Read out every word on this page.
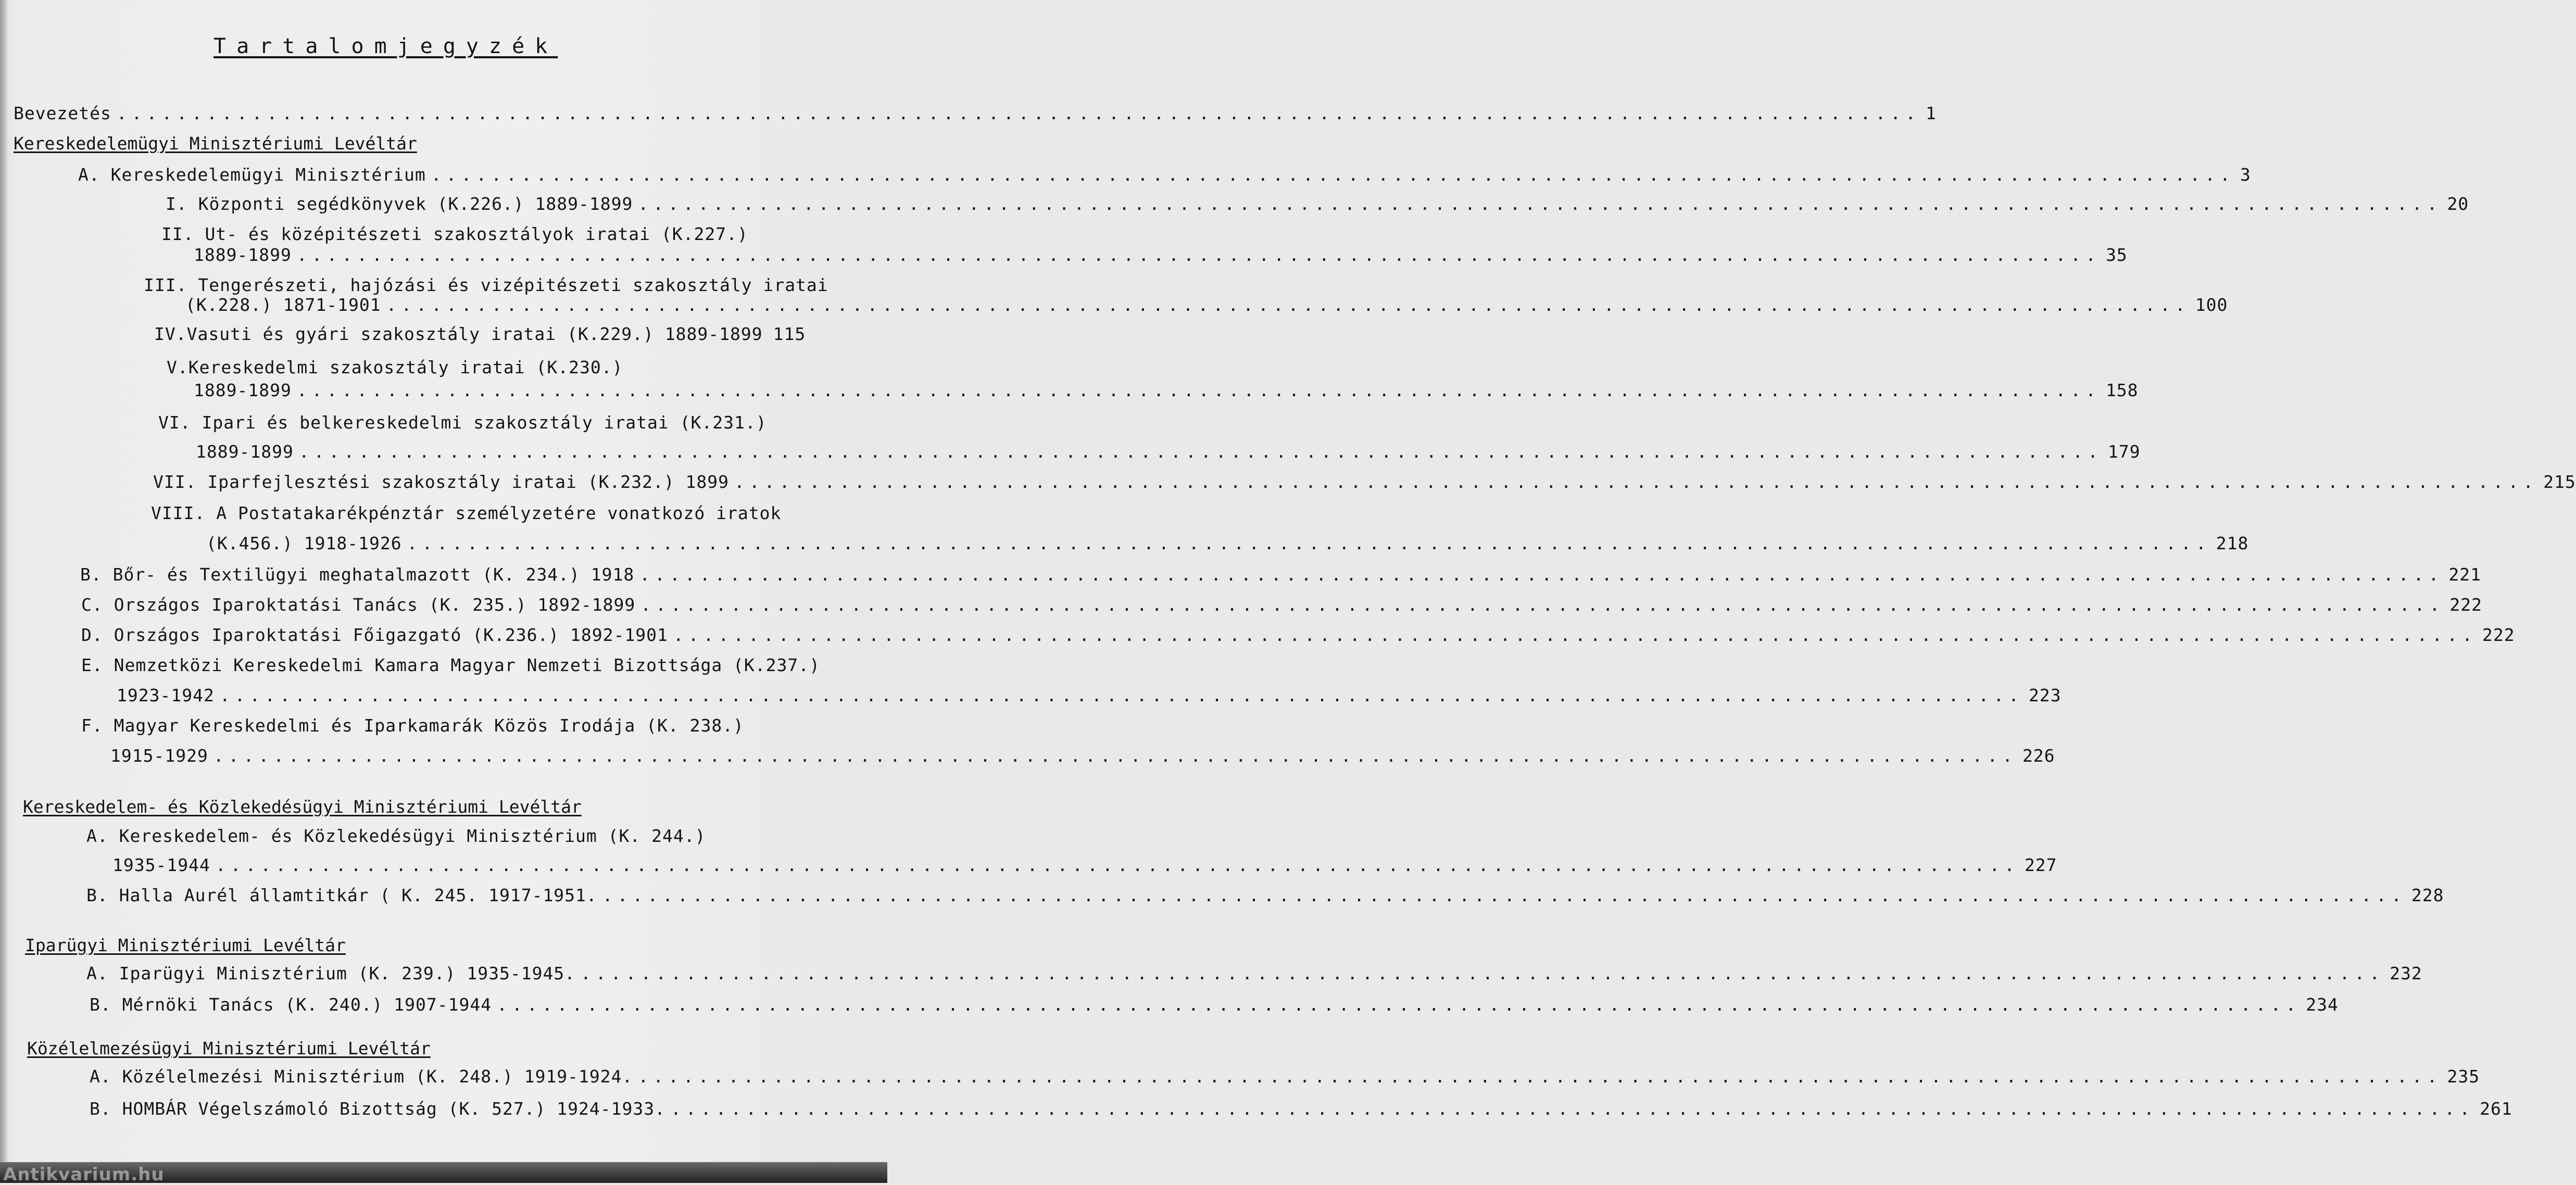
Tartalomjegyzék
Bevezetés ........................................................................................................................ 1
Kereskedelemügyi Minisztériumi Levéltár
A. Kereskedelemügyi Minisztérium ........................................................................................................................ 3
I. Központi segédkönyvek (K.226.) 1889-1899 ........................................................................................................................ 20
II. Ut- és középitészeti szakosztályok iratai (K.227.)
1889-1899 ........................................................................................................................ 35
III. Tengerészeti, hajózási és vizépitészeti szakosztály iratai
(K.228.) 1871-1901 ........................................................................................................................ 100
IV.Vasuti és gyári szakosztály iratai (K.229.) 1889-1899 115
V.Kereskedelmi szakosztály iratai (K.230.)
1889-1899 ........................................................................................................................ 158
VI. Ipari és belkereskedelmi szakosztály iratai (K.231.)
1889-1899 ........................................................................................................................ 179
VII. Iparfejlesztési szakosztály iratai (K.232.) 1899 ........................................................................................................................ 215
VIII. A Postatakarékpénztár személyzetére vonatkozó iratok
(K.456.) 1918-1926 ........................................................................................................................ 218
B. Bőr- és Textilügyi meghatalmazott (K. 234.) 1918 ........................................................................................................................ 221
C. Országos Iparoktatási Tanács (K. 235.) 1892-1899 ........................................................................................................................ 222
D. Országos Iparoktatási Főigazgató (K.236.) 1892-1901 ........................................................................................................................ 222
E. Nemzetközi Kereskedelmi Kamara Magyar Nemzeti Bizottsága (K.237.)
1923-1942 ........................................................................................................................ 223
F. Magyar Kereskedelmi és Iparkamarák Közös Irodája (K. 238.)
1915-1929 ........................................................................................................................ 226
Kereskedelem- és Közlekedésügyi Minisztériumi Levéltár
A. Kereskedelem- és Közlekedésügyi Minisztérium (K. 244.)
1935-1944 ........................................................................................................................ 227
B. Halla Aurél államtitkár ( K. 245. 1917-1951. ........................................................................................................................ 228
Iparügyi Minisztériumi Levéltár
A. Iparügyi Minisztérium (K. 239.) 1935-1945. ........................................................................................................................ 232
B. Mérnöki Tanács (K. 240.) 1907-1944 ........................................................................................................................ 234
Közélelmezésügyi Minisztériumi Levéltár
A. Közélelmezési Minisztérium (K. 248.) 1919-1924. ........................................................................................................................ 235
B. HOMBÁR Végelszámoló Bizottság (K. 527.) 1924-1933. ........................................................................................................................ 261
Antikvarium.hu
